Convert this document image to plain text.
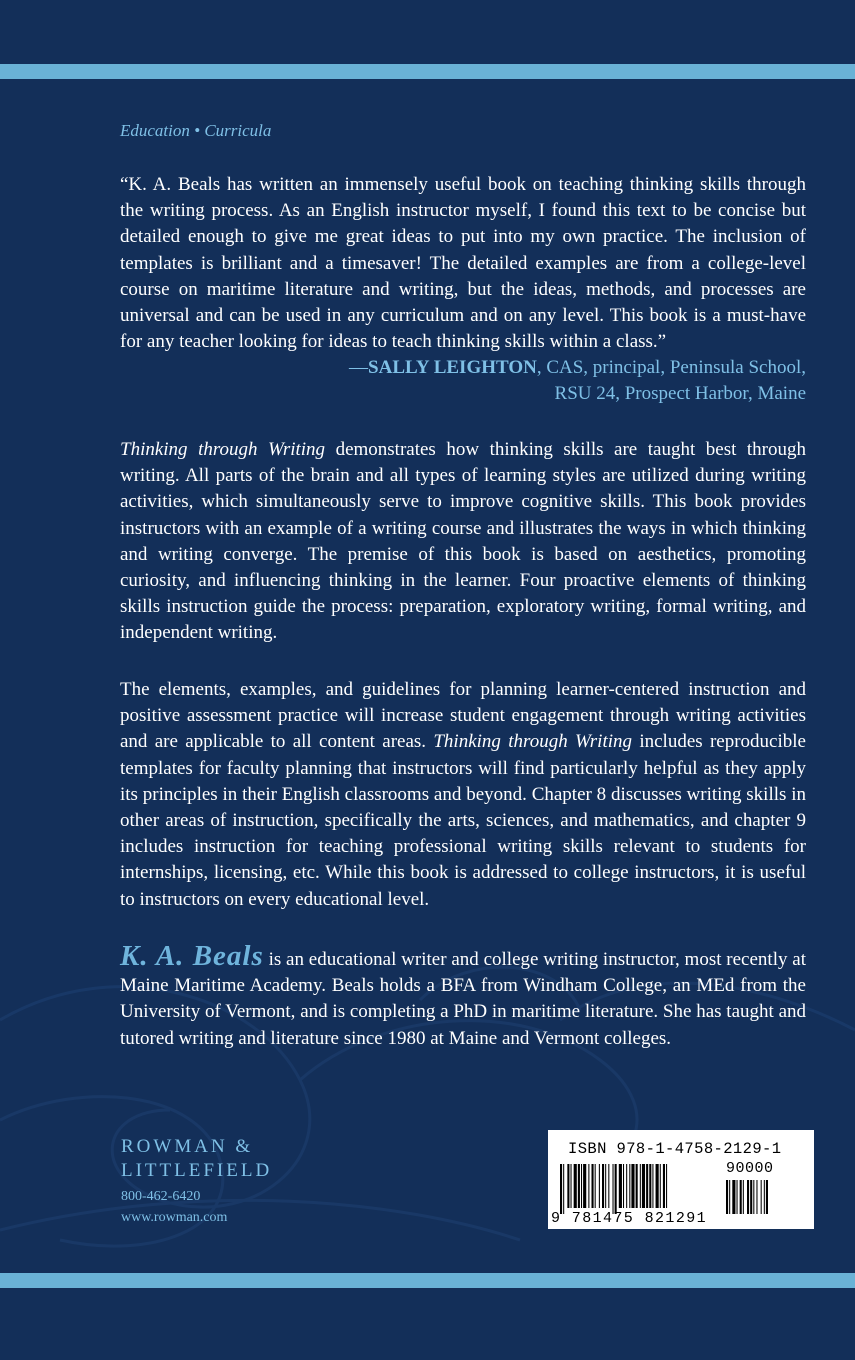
Education • Curricula

“K. A. Beals has written an immensely useful book on teaching thinking skills through the writing process. As an English instructor myself, I found this text to be concise but detailed enough to give me great ideas to put into my own practice. The inclusion of templates is brilliant and a timesaver! The detailed examples are from a college-level course on maritime literature and writing, but the ideas, methods, and processes are universal and can be used in any curriculum and on any level. This book is a must-have for any teacher looking for ideas to teach thinking skills within a class.”

—SALLY LEIGHTON, CAS, principal, Peninsula School,
RSU 24, Prospect Harbor, Maine

Thinking through Writing demonstrates how thinking skills are taught best through writing. All parts of the brain and all types of learning styles are utilized during writing activities, which simultaneously serve to improve cognitive skills. This book provides instructors with an example of a writing course and illustrates the ways in which thinking and writing converge. The premise of this book is based on aesthetics, promoting curiosity, and influencing thinking in the learner. Four proactive elements of thinking skills instruction guide the process: preparation, exploratory writing, formal writing, and independent writing.

The elements, examples, and guidelines for planning learner-centered instruction and positive assessment practice will increase student engagement through writing activities and are applicable to all content areas. Thinking through Writing includes reproducible templates for faculty planning that instructors will find particularly helpful as they apply its principles in their English classrooms and beyond. Chapter 8 discusses writing skills in other areas of instruction, specifically the arts, sciences, and mathematics, and chapter 9 includes instruction for teaching professional writing skills relevant to students for internships, licensing, etc. While this book is addressed to college instructors, it is useful to instructors on every educational level.

K. A. Beals is an educational writer and college writing instructor, most recently at Maine Maritime Academy. Beals holds a BFA from Windham College, an MEd from the University of Vermont, and is completing a PhD in maritime literature. She has taught and tutored writing and literature since 1980 at Maine and Vermont colleges.

ROWMAN &
LITTLEFIELD
800-462-6420
www.rowman.com
ISBN 978-1-4758-2129-1
90000
9 781475 821291
